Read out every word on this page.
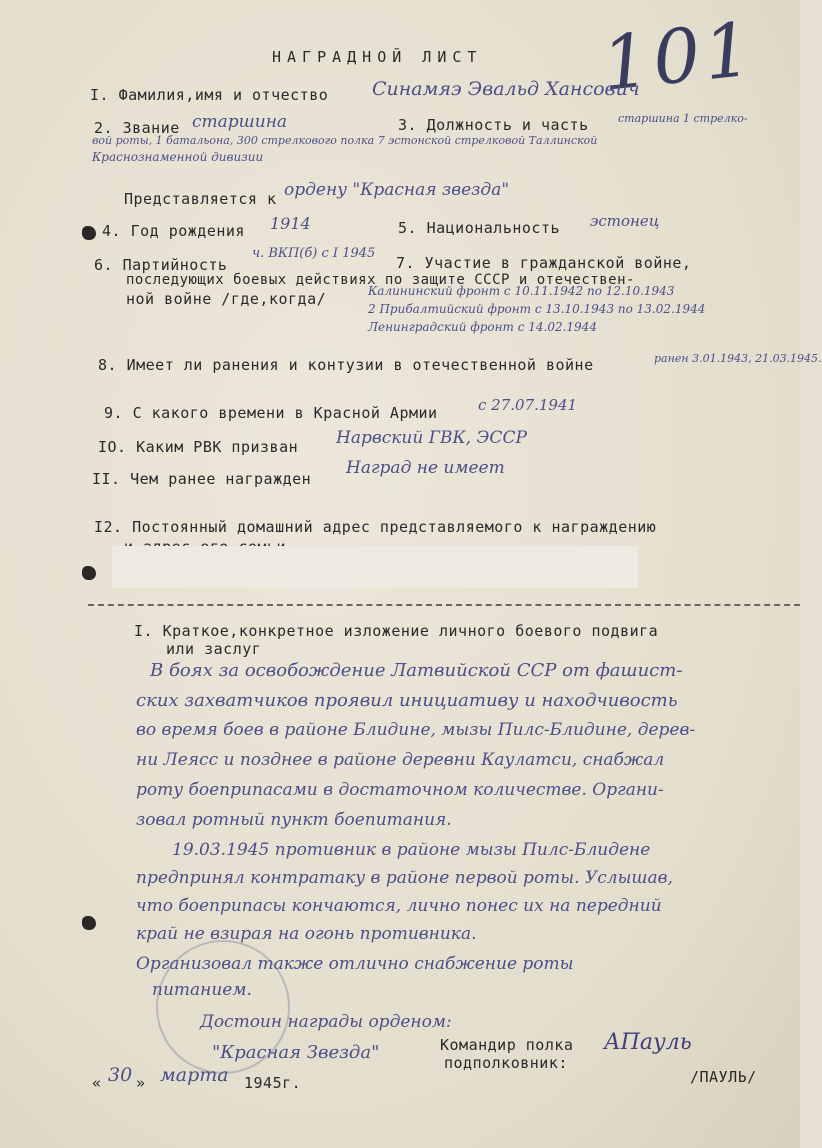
101
НАГРАДНОЙ ЛИСТ
I. Фамилия,имя и отчество Синамяэ Эвальд Хансович
2. Звание старшина	3. Должность и часть	старшина 1 стрелко-
вой роты, 1 батальона, 300 стрелкового полка 7 эстонской стрелковой Таллинской
Краснознаменной дивизии
Представляется к ордену "Красная звезда"
4. Год рождения 1914	5. Национальность эстонец
6. Партийность
ч. ВКП(б) с I 1945
7. Участие в гражданской войне,
последующих боевых действиях по защите СССР и отечествен-
ной войне /где,когда/	Калининский фронт с 10.11.1942 по 12.10.1943
2 Прибалтийский фронт с 13.10.1943 по 13.02.1944
Ленинградский фронт с 14.02.1944
8. Имеет ли ранения и контузии в отечественной войне	ранен 3.01.1943, 21.03.1945.
9. С какого времени в Красной Армии	с 27.07.1941
IO. Каким РВК призван Нарвский ГВК, ЭССР
II. Чем ранее награжден
Наград не имеет
I2. Постоянный домашний адрес представляемого к награждению
I. Краткое,конкретное изложение личного боевого подвига
или заслуг
В боях за освобождение Латвийской ССР от фашист-
ских захватчиков проявил инициативу и находчивость
во время боев в районе Блидине, мызы Пилс-Блидине, дерев-
ни Леясс и позднее в районе деревни Каулатси, снабжал
роту боеприпасами в достаточном количестве. Органи-
зовал ротный пункт боепитания.
19.03.1945 противник в районе мызы Пилс-Блидене
предпринял контратаку в районе первой роты. Услышав,
что боеприпасы кончаются, лично понес их на передний
край не взирая на огонь противника.
Организовал также отлично снабжение роты
питанием.
Достоин награды орденом:
"Красная Звезда"	Командир полка
подполковник:
АПауль
/ПАУЛЬ/
« 30 » марта 1945г.
